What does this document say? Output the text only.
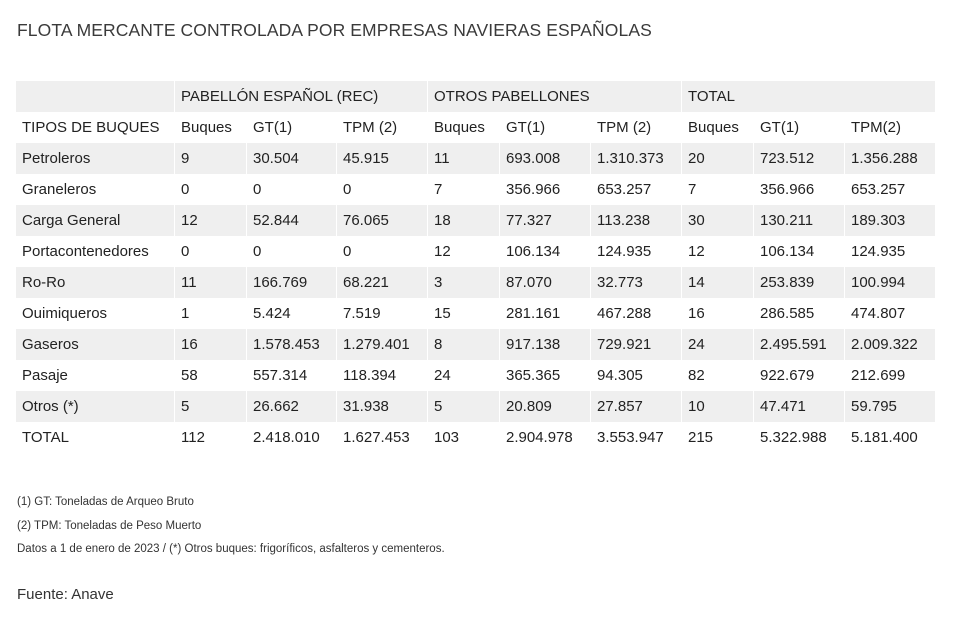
FLOTA MERCANTE CONTROLADA POR EMPRESAS NAVIERAS ESPAÑOLAS
	PABELLÓN ESPAÑOL (REC)			OTROS PABELLONES			TOTAL		
TIPOS DE BUQUES	Buques	GT(1)	TPM (2)	Buques	GT(1)	TPM (2)	Buques	GT(1)	TPM(2)
Petroleros	9	30.504	45.915	11	693.008	1.310.373	20	723.512	1.356.288
Graneleros	0	0	0	7	356.966	653.257	7	356.966	653.257
Carga General	12	52.844	76.065	18	77.327	113.238	30	130.211	189.303
Portacontenedores	0	0	0	12	106.134	124.935	12	106.134	124.935
Ro-Ro	11	166.769	68.221	3	87.070	32.773	14	253.839	100.994
Ouimiqueros	1	5.424	7.519	15	281.161	467.288	16	286.585	474.807
Gaseros	16	1.578.453	1.279.401	8	917.138	729.921	24	2.495.591	2.009.322
Pasaje	58	557.314	118.394	24	365.365	94.305	82	922.679	212.699
Otros (*)	5	26.662	31.938	5	20.809	27.857	10	47.471	59.795
TOTAL	112	2.418.010	1.627.453	103	2.904.978	3.553.947	215	5.322.988	5.181.400

(1) GT: Toneladas de Arqueo Bruto

(2) TPM: Toneladas de Peso Muerto

Datos a 1 de enero de 2023 / (*) Otros buques: frigoríficos, asfalteros y cementeros.

Fuente: Anave
